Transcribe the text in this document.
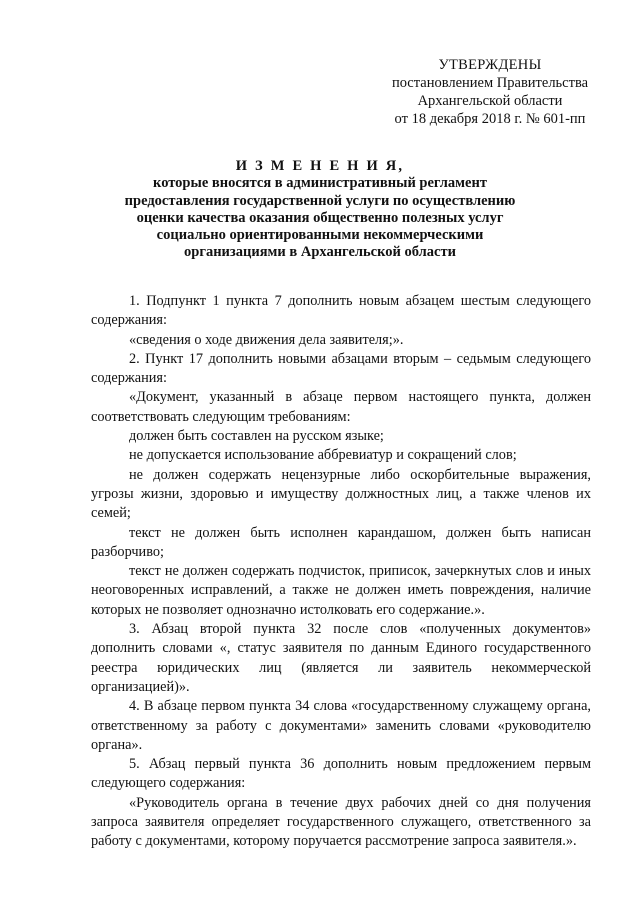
УТВЕРЖДЕНЫ
постановлением Правительства
Архангельской области
от 18 декабря 2018 г. № 601-пп
И З М Е Н Е Н И Я,
которые вносятся в административный регламент
предоставления государственной услуги по осуществлению
оценки качества оказания общественно полезных услуг
социально ориентированными некоммерческими
организациями в Архангельской области

1. Подпункт 1 пункта 7 дополнить новым абзацем шестым следующего содержания:

«сведения о ходе движения дела заявителя;».

2. Пункт 17 дополнить новыми абзацами вторым – седьмым следующего содержания:

«Документ, указанный в абзаце первом настоящего пункта, должен соответствовать следующим требованиям:

должен быть составлен на русском языке;

не допускается использование аббревиатур и сокращений слов;

не должен содержать нецензурные либо оскорбительные выражения, угрозы жизни, здоровью и имуществу должностных лиц, а также членов их семей;

текст не должен быть исполнен карандашом, должен быть написан разборчиво;

текст не должен содержать подчисток, приписок, зачеркнутых слов и иных неоговоренных исправлений, а также не должен иметь повреждения, наличие которых не позволяет однозначно истолковать его содержание.».

3. Абзац второй пункта 32 после слов «полученных документов» дополнить словами «, статус заявителя по данным Единого государственного реестра юридических лиц (является ли заявитель некоммерческой организацией)».

4. В абзаце первом пункта 34 слова «государственному служащему органа, ответственному за работу с документами» заменить словами «руководителю органа».

5. Абзац первый пункта 36 дополнить новым предложением первым следующего содержания:

«Руководитель органа в течение двух рабочих дней со дня получения запроса заявителя определяет государственного служащего, ответственного за работу с документами, которому поручается рассмотрение запроса заявителя.».
